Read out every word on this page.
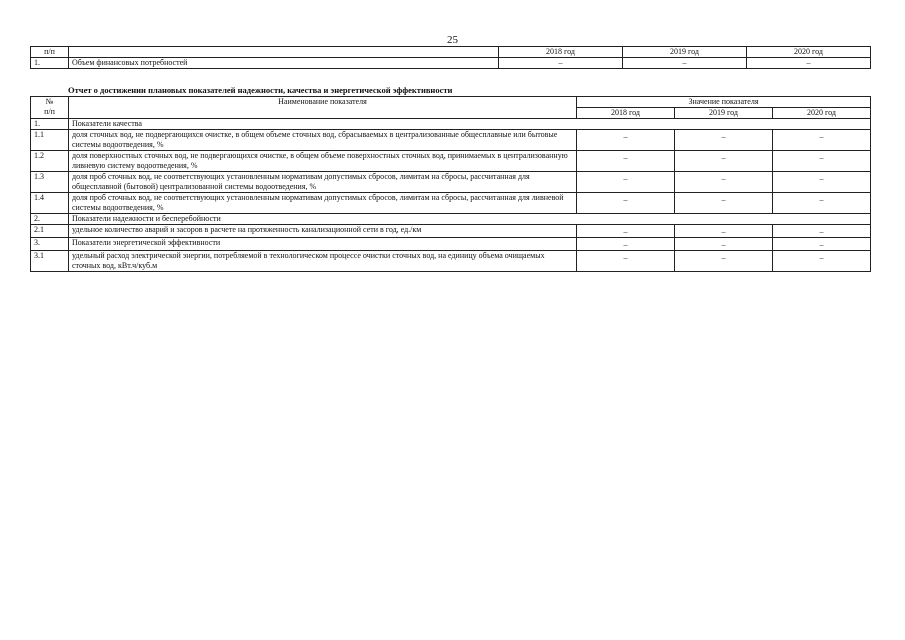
25
п/п		2018 год	2019 год	2020 год
1.	Объем финансовых потребностей	–	–	–
Отчет о достижении плановых показателей надежности, качества и энергетической эффективности
№
п/п	Наименование показателя	Значение показателя		
		2018 год	2019 год	2020 год
1.	Показатели качества			
1.1	доля сточных вод, не подвергающихся очистке, в общем объеме сточных вод, сбрасываемых в централизованные общесплавные или бытовые системы водоотведения, %	–	–	–
1.2	доля поверхностных сточных вод, не подвергающихся очистке, в общем объеме поверхностных сточных вод, принимаемых в централизованную ливневую систему водоотведения, %	–	–	–
1.3	доля проб сточных вод, не соответствующих установленным нормативам допустимых сбросов, лимитам на сбросы, рассчитанная для общесплавной (бытовой) централизованной системы водоотведения, %	–	–	–
1.4	доля проб сточных вод, не соответствующих установленным нормативам допустимых сбросов, лимитам на сбросы, рассчитанная для ливневой системы водоотведения, %	–	–	–
2.	Показатели надежности и бесперебойности			
2.1	удельное количество аварий и засоров в расчете на протяженность канализационной сети в год, ед./км	–	–	–
3.	Показатели энергетической эффективности	–	–	–
3.1	удельный расход электрической энергии, потребляемой в технологическом процессе очистки сточных вод, на единицу объема очищаемых сточных вод, кВт.ч/куб.м	–	–	–
